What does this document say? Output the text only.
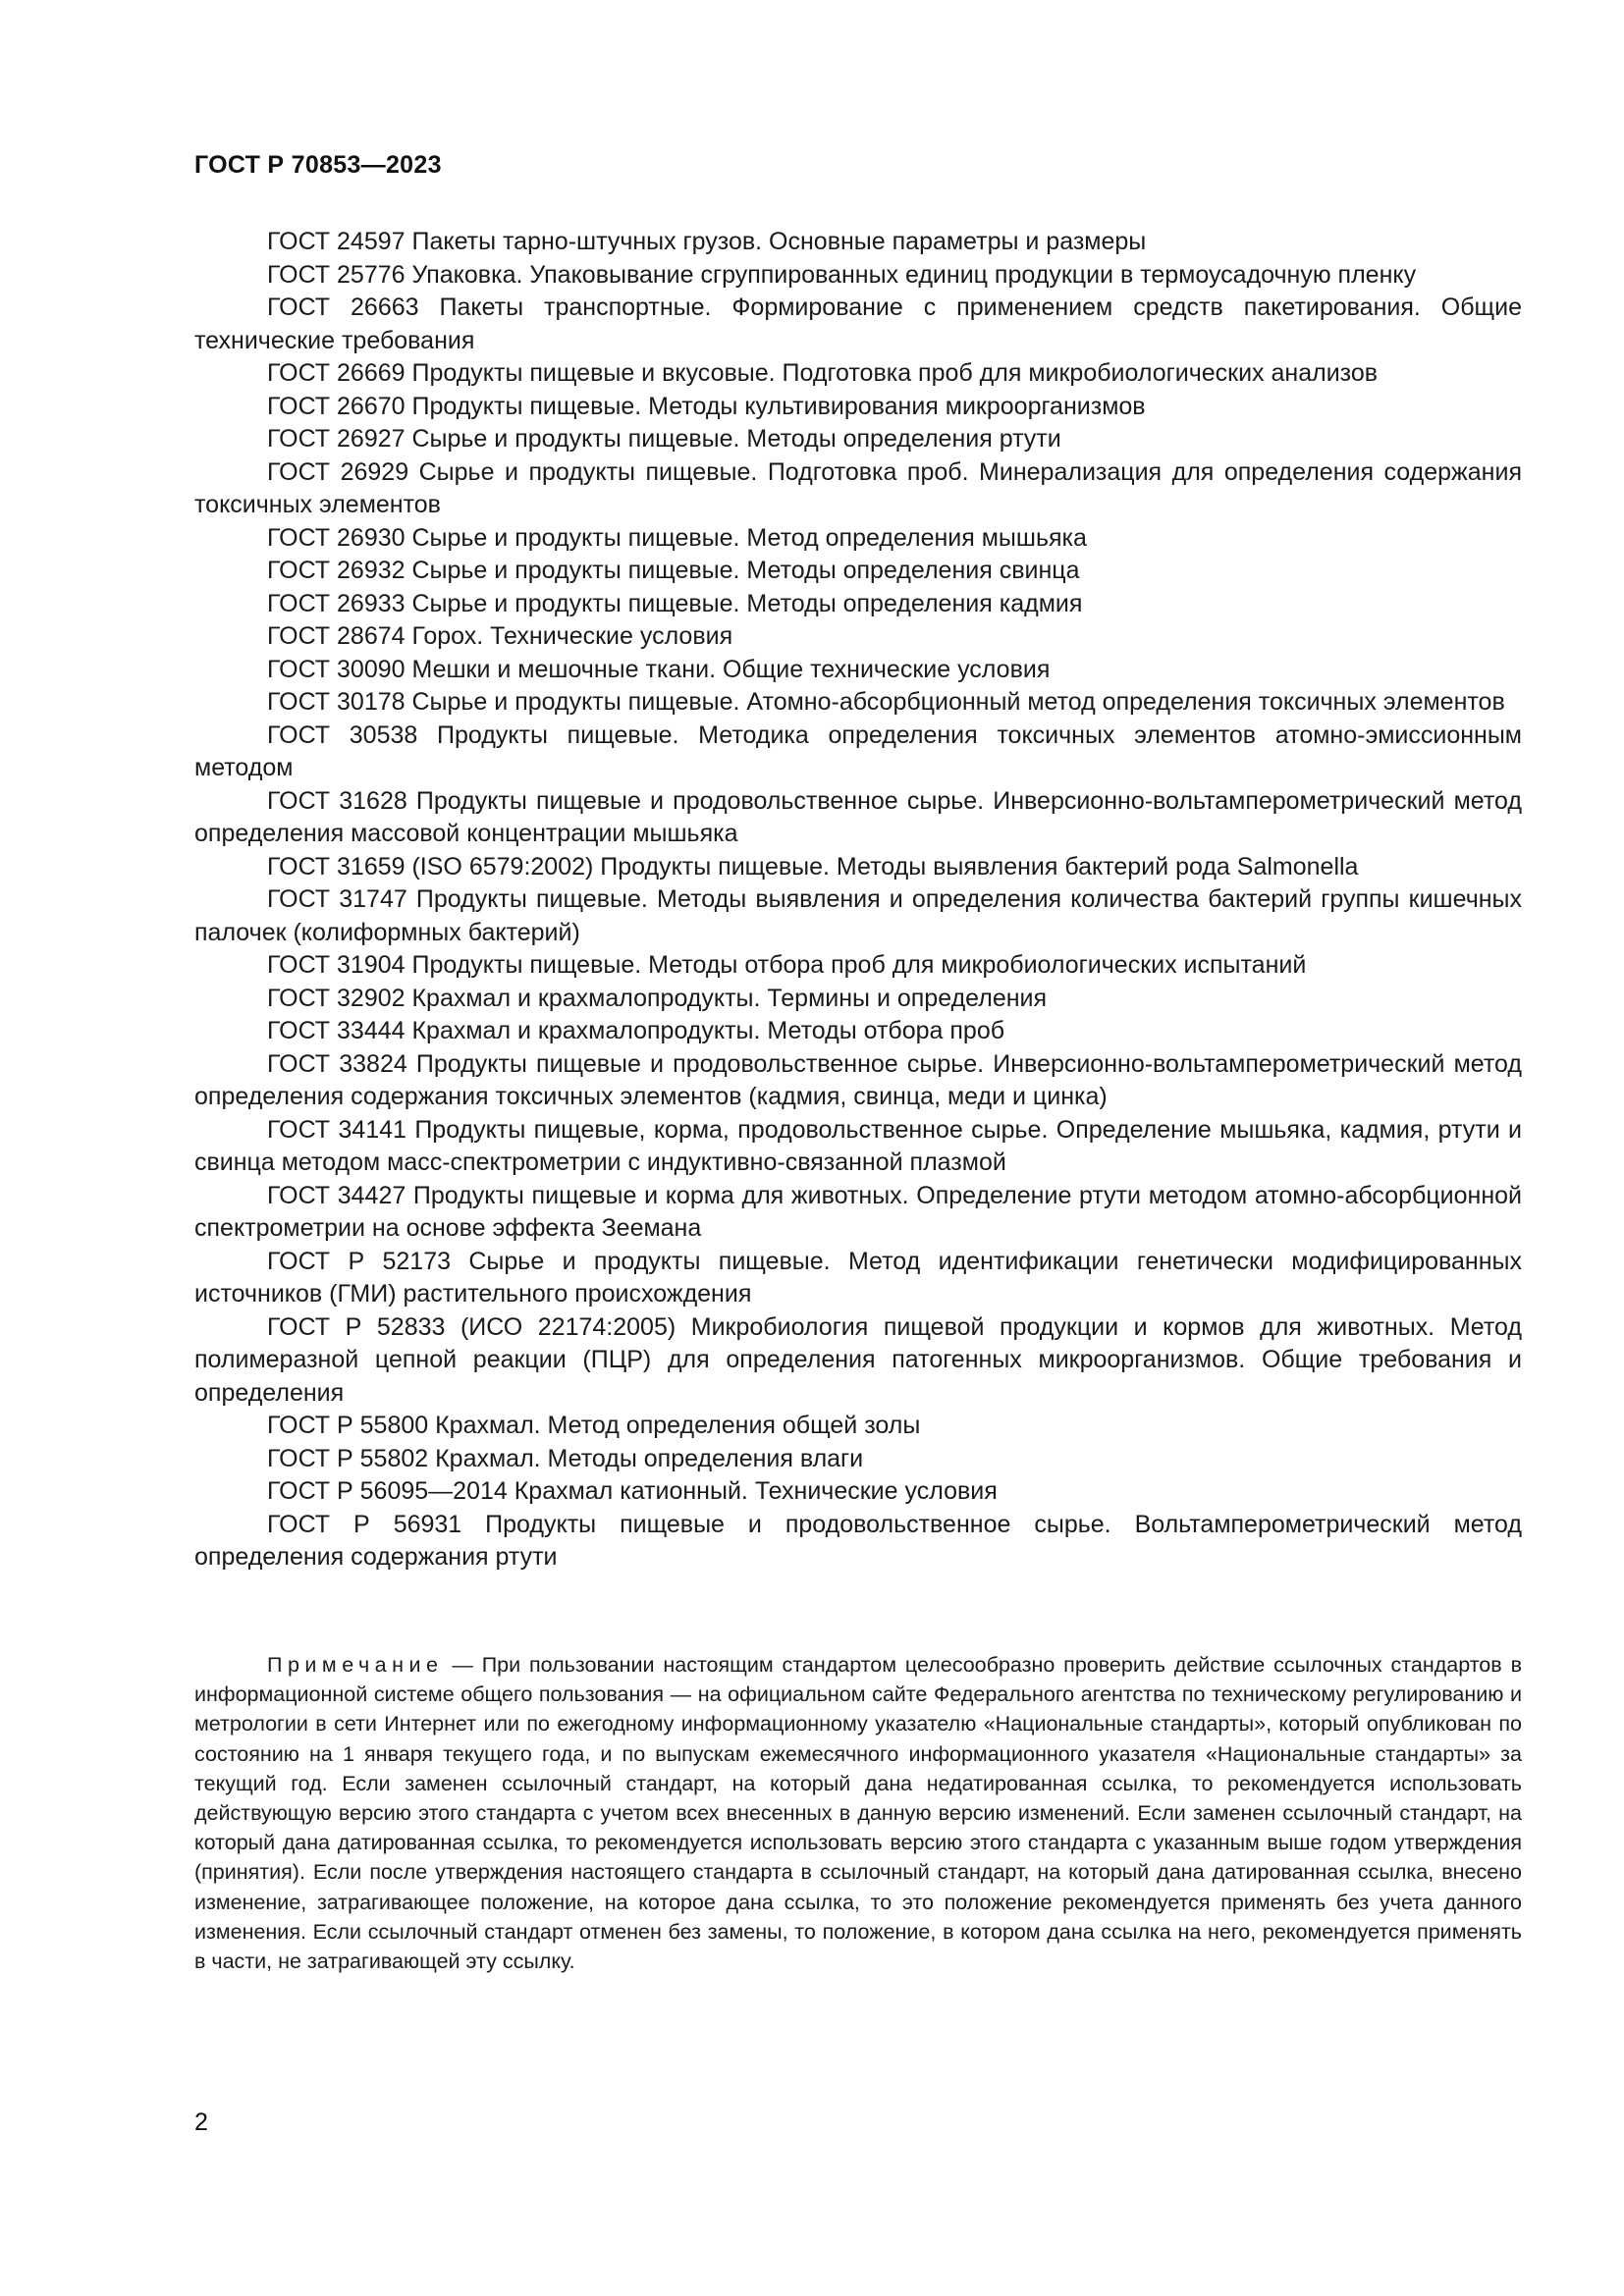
ГОСТ Р 70853—2023
ГОСТ 24597 Пакеты тарно-штучных грузов. Основные параметры и размеры
ГОСТ 25776 Упаковка. Упаковывание сгруппированных единиц продукции в термоусадочную пленку
ГОСТ 26663 Пакеты транспортные. Формирование с применением средств пакетирования. Общие технические требования
ГОСТ 26669 Продукты пищевые и вкусовые. Подготовка проб для микробиологических анализов
ГОСТ 26670 Продукты пищевые. Методы культивирования микроорганизмов
ГОСТ 26927 Сырье и продукты пищевые. Методы определения ртути
ГОСТ 26929 Сырье и продукты пищевые. Подготовка проб. Минерализация для определения содержания токсичных элементов
ГОСТ 26930 Сырье и продукты пищевые. Метод определения мышьяка
ГОСТ 26932 Сырье и продукты пищевые. Методы определения свинца
ГОСТ 26933 Сырье и продукты пищевые. Методы определения кадмия
ГОСТ 28674 Горох. Технические условия
ГОСТ 30090 Мешки и мешочные ткани. Общие технические условия
ГОСТ 30178 Сырье и продукты пищевые. Атомно-абсорбционный метод определения токсичных элементов
ГОСТ 30538 Продукты пищевые. Методика определения токсичных элементов атомно-эмиссионным методом
ГОСТ 31628 Продукты пищевые и продовольственное сырье. Инверсионно-вольтамперометрический метод определения массовой концентрации мышьяка
ГОСТ 31659 (ISO 6579:2002) Продукты пищевые. Методы выявления бактерий рода Salmonella
ГОСТ 31747 Продукты пищевые. Методы выявления и определения количества бактерий группы кишечных палочек (колиформных бактерий)
ГОСТ 31904 Продукты пищевые. Методы отбора проб для микробиологических испытаний
ГОСТ 32902 Крахмал и крахмалопродукты. Термины и определения
ГОСТ 33444 Крахмал и крахмалопродукты. Методы отбора проб
ГОСТ 33824 Продукты пищевые и продовольственное сырье. Инверсионно-вольтамперометрический метод определения содержания токсичных элементов (кадмия, свинца, меди и цинка)
ГОСТ 34141 Продукты пищевые, корма, продовольственное сырье. Определение мышьяка, кадмия, ртути и свинца методом масс-спектрометрии с индуктивно-связанной плазмой
ГОСТ 34427 Продукты пищевые и корма для животных. Определение ртути методом атомно-абсорбционной спектрометрии на основе эффекта Зеемана
ГОСТ Р 52173 Сырье и продукты пищевые. Метод идентификации генетически модифицированных источников (ГМИ) растительного происхождения
ГОСТ Р 52833 (ИСО 22174:2005) Микробиология пищевой продукции и кормов для животных. Метод полимеразной цепной реакции (ПЦР) для определения патогенных микроорганизмов. Общие требования и определения
ГОСТ Р 55800 Крахмал. Метод определения общей золы
ГОСТ Р 55802 Крахмал. Методы определения влаги
ГОСТ Р 56095—2014 Крахмал катионный. Технические условия
ГОСТ Р 56931 Продукты пищевые и продовольственное сырье. Вольтамперометрический метод определения содержания ртути

Примечание — При пользовании настоящим стандартом целесообразно проверить действие ссылочных стандартов в информационной системе общего пользования — на официальном сайте Федерального агентства по техническому регулированию и метрологии в сети Интернет или по ежегодному информационному указателю «Национальные стандарты», который опубликован по состоянию на 1 января текущего года, и по выпускам ежемесячного информационного указателя «Национальные стандарты» за текущий год. Если заменен ссылочный стандарт, на который дана недатированная ссылка, то рекомендуется использовать действующую версию этого стандарта с учетом всех внесенных в данную версию изменений. Если заменен ссылочный стандарт, на который дана датированная ссылка, то рекомендуется использовать версию этого стандарта с указанным выше годом утверждения (принятия). Если после утверждения настоящего стандарта в ссылочный стандарт, на который дана датированная ссылка, внесено изменение, затрагивающее положение, на которое дана ссылка, то это положение рекомендуется применять без учета данного изменения. Если ссылочный стандарт отменен без замены, то положение, в котором дана ссылка на него, рекомендуется применять в части, не затрагивающей эту ссылку.

2
